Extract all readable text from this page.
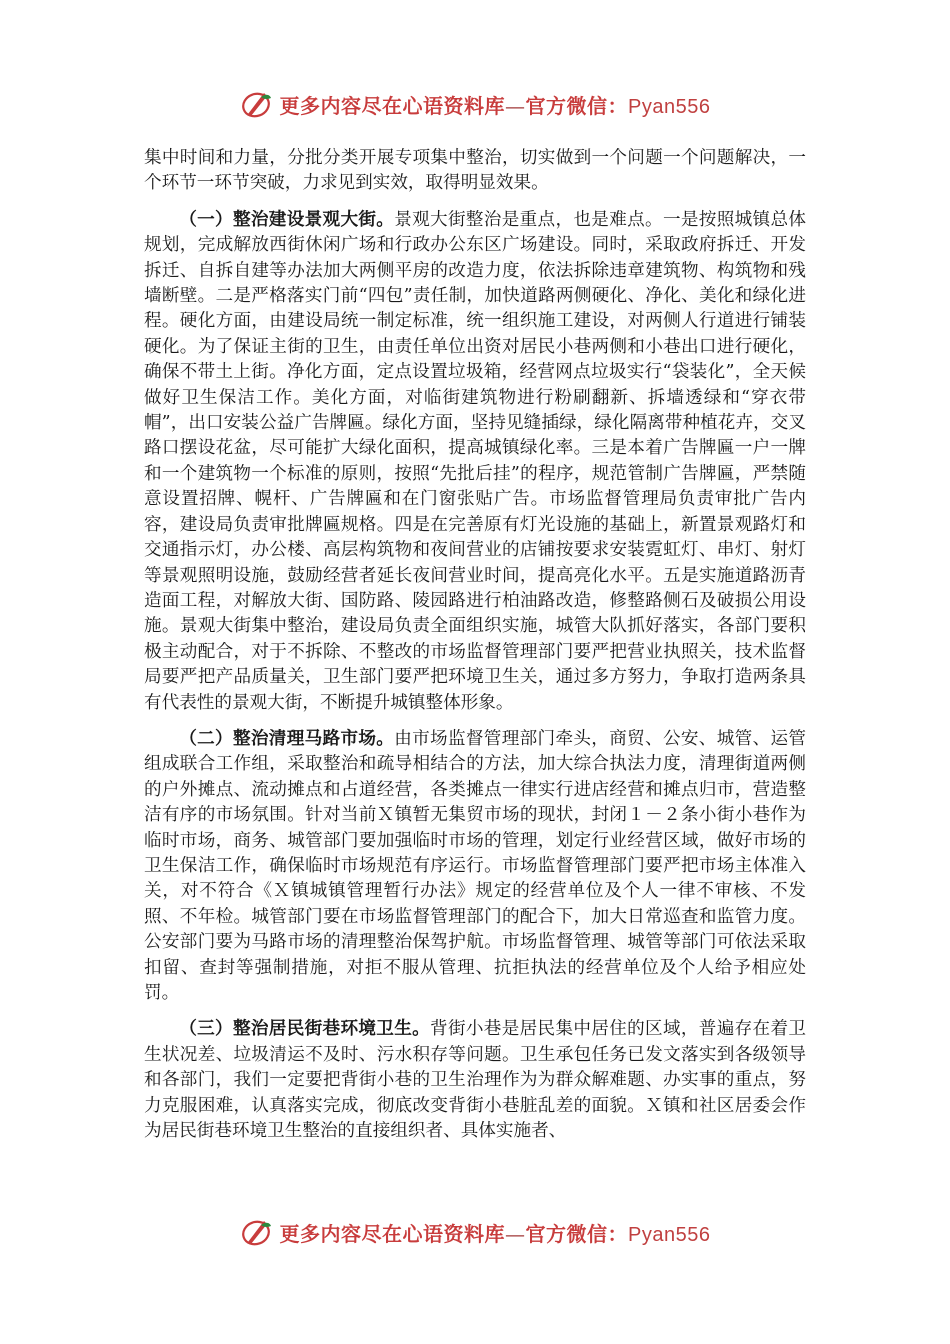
更多内容尽在心语资料库—官方微信：Pyan556

集中时间和力量，分批分类开展专项集中整治，切实做到一个问题一个问题解决，一个环节一环节突破，力求见到实效，取得明显效果。

（一）整治建设景观大街。景观大街整治是重点，也是难点。一是按照城镇总体规划，完成解放西街休闲广场和行政办公东区广场建设。同时，采取政府拆迁、开发拆迁、自拆自建等办法加大两侧平房的改造力度，依法拆除违章建筑物、构筑物和残墙断壁。二是严格落实门前“四包”责任制，加快道路两侧硬化、净化、美化和绿化进程。硬化方面，由建设局统一制定标准，统一组织施工建设，对两侧人行道进行铺装硬化。为了保证主街的卫生，由责任单位出资对居民小巷两侧和小巷出口进行硬化，确保不带土上街。净化方面，定点设置垃圾箱，经营网点垃圾实行“袋装化”，全天候做好卫生保洁工作。美化方面，对临街建筑物进行粉刷翻新、拆墙透绿和“穿衣带帽”，出口安装公益广告牌匾。绿化方面，坚持见缝插绿，绿化隔离带种植花卉，交叉路口摆设花盆，尽可能扩大绿化面积，提高城镇绿化率。三是本着广告牌匾一户一牌和一个建筑物一个标准的原则，按照“先批后挂”的程序，规范管制广告牌匾，严禁随意设置招牌、幌杆、广告牌匾和在门窗张贴广告。市场监督管理局负责审批广告内容，建设局负责审批牌匾规格。四是在完善原有灯光设施的基础上，新置景观路灯和交通指示灯，办公楼、高层构筑物和夜间营业的店铺按要求安装霓虹灯、串灯、射灯等景观照明设施，鼓励经营者延长夜间营业时间，提高亮化水平。五是实施道路沥青造面工程，对解放大街、国防路、陵园路进行柏油路改造，修整路侧石及破损公用设施。景观大街集中整治，建设局负责全面组织实施，城管大队抓好落实，各部门要积极主动配合，对于不拆除、不整改的市场监督管理部门要严把营业执照关，技术监督局要严把产品质量关，卫生部门要严把环境卫生关，通过多方努力，争取打造两条具有代表性的景观大街，不断提升城镇整体形象。

（二）整治清理马路市场。由市场监督管理部门牵头，商贸、公安、城管、运管组成联合工作组，采取整治和疏导相结合的方法，加大综合执法力度，清理街道两侧的户外摊点、流动摊点和占道经营，各类摊点一律实行进店经营和摊点归市，营造整洁有序的市场氛围。针对当前Ｘ镇暂无集贸市场的现状，封闭１－２条小街小巷作为临时市场，商务、城管部门要加强临时市场的管理，划定行业经营区域，做好市场的卫生保洁工作，确保临时市场规范有序运行。市场监督管理部门要严把市场主体准入关，对不符合《Ｘ镇城镇管理暂行办法》规定的经营单位及个人一律不审核、不发照、不年检。城管部门要在市场监督管理部门的配合下，加大日常巡查和监管力度。公安部门要为马路市场的清理整治保驾护航。市场监督管理、城管等部门可依法采取扣留、查封等强制措施，对拒不服从管理、抗拒执法的经营单位及个人给予相应处罚。

（三）整治居民街巷环境卫生。背街小巷是居民集中居住的区域，普遍存在着卫生状况差、垃圾清运不及时、污水积存等问题。卫生承包任务已发文落实到各级领导和各部门，我们一定要把背街小巷的卫生治理作为为群众解难题、办实事的重点，努力克服困难，认真落实完成，彻底改变背街小巷脏乱差的面貌。Ｘ镇和社区居委会作为居民街巷环境卫生整治的直接组织者、具体实施者、

更多内容尽在心语资料库—官方微信：Pyan556
